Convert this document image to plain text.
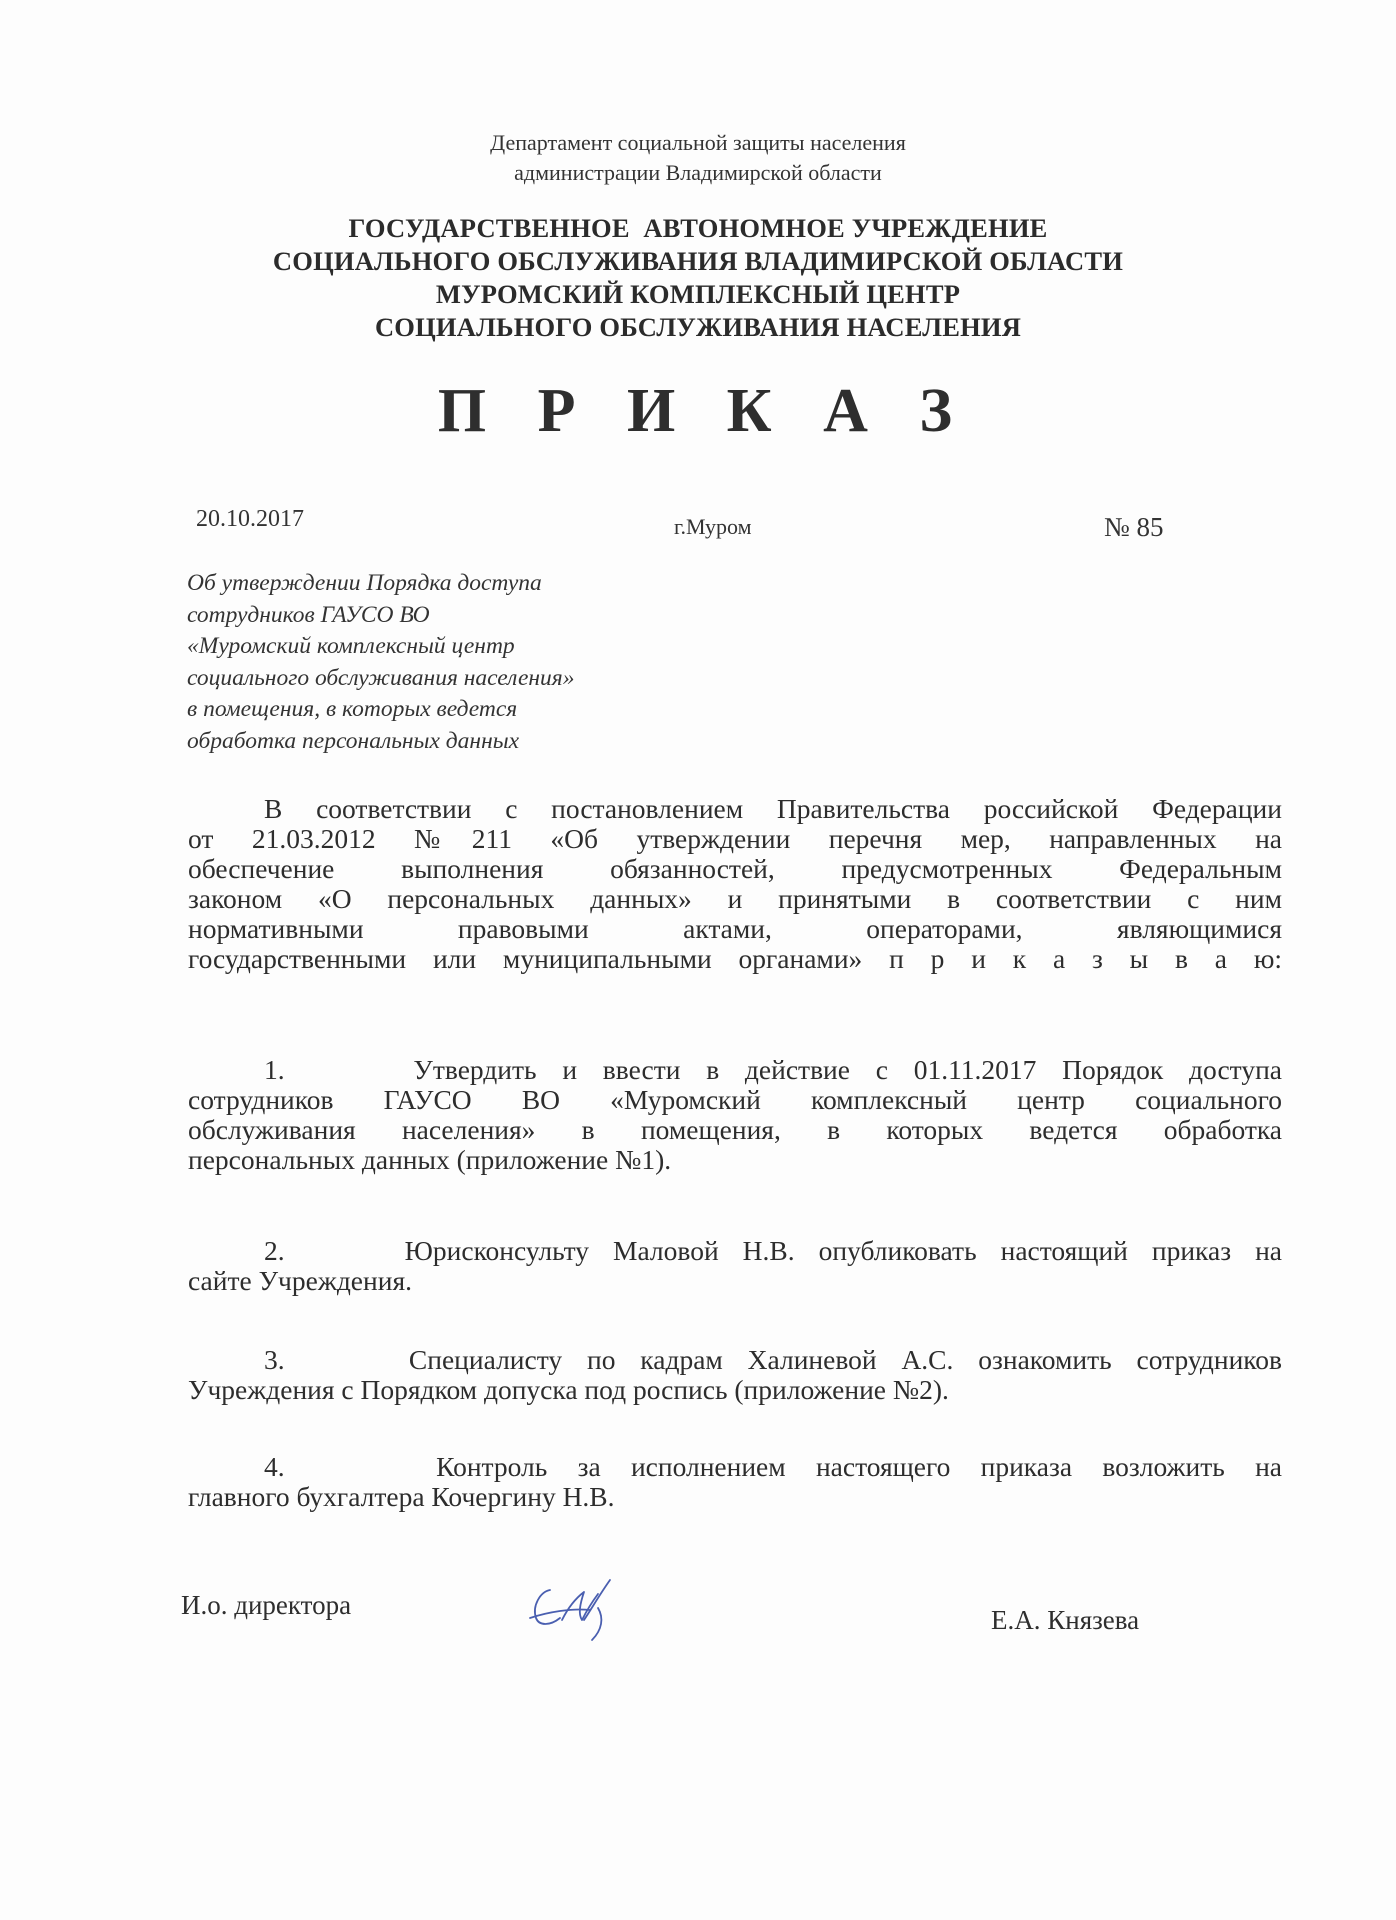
Департамент социальной защиты населения
администрации Владимирской области
ГОСУДАРСТВЕННОЕ  АВТОНОМНОЕ УЧРЕЖДЕНИЕ
СОЦИАЛЬНОГО ОБСЛУЖИВАНИЯ ВЛАДИМИРСКОЙ ОБЛАСТИ
МУРОМСКИЙ КОМПЛЕКСНЫЙ ЦЕНТР
СОЦИАЛЬНОГО ОБСЛУЖИВАНИЯ НАСЕЛЕНИЯ
П Р И К А З
20.10.2017	г.Муром	№ 85
Об утверждении Порядка доступа
сотрудников ГАУСО ВО
«Муромский комплексный центр
социального обслуживания населения»
в помещения, в которых ведется
обработка персональных данных
В соответствии с постановлением Правительства российской Федерации
от 21.03.2012 №211 «Об утверждении перечня мер, направленных на
обеспечение выполнения обязанностей, предусмотренных Федеральным
законом «О персональных данных» и принятыми в соответствии с ним
нормативными правовыми актами, операторами, являющимися
государственными или муниципальными органами» п р и к а з ы в а ю:
1.	Утвердить и ввести в действие с 01.11.2017 Порядок доступа
сотрудников ГАУСО ВО «Муромский комплексный центр социального
обслуживания населения» в помещения, в которых ведется обработка
персональных данных (приложение №1).
2.	Юрисконсульту Маловой Н.В. опубликовать настоящий приказ на
сайте Учреждения.
3.	Специалисту по кадрам Халиневой А.С. ознакомить сотрудников
Учреждения с Порядком допуска под роспись (приложение №2).
4.	Контроль за исполнением настоящего приказа возложить на
главного бухгалтера Кочергину Н.В.
И.о. директора	Е.А. Князева
